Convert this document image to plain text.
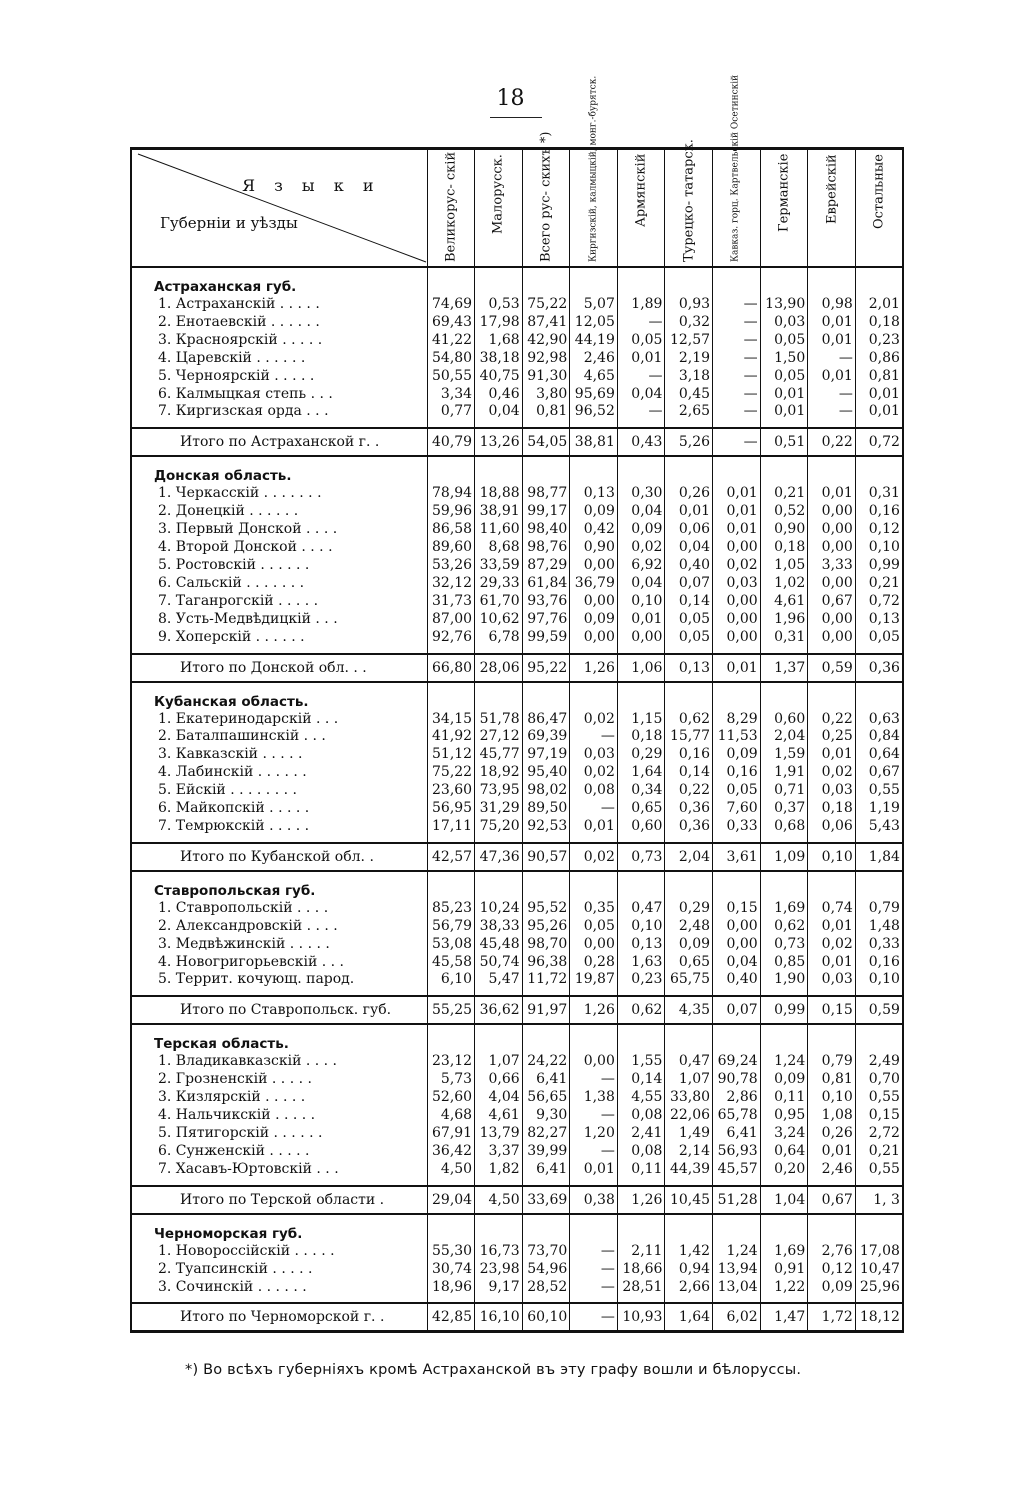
18
Я з ы к и
Губерніи и уѣзды	Великорус- скій	Малорусск.	Всего рус- скихъ *)	Киргизскій, калмыцкій, монг.-бурятск.	Армянскій	Турецко- татарск.	Кавказ. горц. Картвельскій Осетинскій	Германскіе	Еврейскій	Остальные

Астраханская губ.										
1. Астраханскій . . . . .	74,69	0,53	75,22	5,07	1,89	0,93	—	13,90	0,98	2,01
2. Енотаевскій . . . . . .	69,43	17,98	87,41	12,05	—	0,32	—	0,03	0,01	0,18
3. Красноярскій . . . . .	41,22	1,68	42,90	44,19	0,05	12,57	—	0,05	0,01	0,23
4. Царевскій . . . . . .	54,80	38,18	92,98	2,46	0,01	2,19	—	1,50	—	0,86
5. Черноярскій . . . . .	50,55	40,75	91,30	4,65	—	3,18	—	0,05	0,01	0,81
6. Калмыцкая степь . . .	3,34	0,46	3,80	95,69	0,04	0,45	—	0,01	—	0,01
7. Киргизская орда . . .	0,77	0,04	0,81	96,52	—	2,65	—	0,01	—	0,01

Итого по Астраханской г. .	40,79	13,26	54,05	38,81	0,43	5,26	—	0,51	0,22	0,72
Донская область.										
1. Черкасскій . . . . . . .	78,94	18,88	98,77	0,13	0,30	0,26	0,01	0,21	0,01	0,31
2. Донецкій . . . . . .	59,96	38,91	99,17	0,09	0,04	0,01	0,01	0,52	0,00	0,16
3. Первый Донской . . . .	86,58	11,60	98,40	0,42	0,09	0,06	0,01	0,90	0,00	0,12
4. Второй Донской . . . .	89,60	8,68	98,76	0,90	0,02	0,04	0,00	0,18	0,00	0,10
5. Ростовскій . . . . . .	53,26	33,59	87,29	0,00	6,92	0,40	0,02	1,05	3,33	0,99
6. Сальскій . . . . . . .	32,12	29,33	61,84	36,79	0,04	0,07	0,03	1,02	0,00	0,21
7. Таганрогскій . . . . .	31,73	61,70	93,76	0,00	0,10	0,14	0,00	4,61	0,67	0,72
8. Усть-Медвѣдицкій . . .	87,00	10,62	97,76	0,09	0,01	0,05	0,00	1,96	0,00	0,13
9. Хоперскій . . . . . .	92,76	6,78	99,59	0,00	0,00	0,05	0,00	0,31	0,00	0,05

Итого по Донской обл. . .	66,80	28,06	95,22	1,26	1,06	0,13	0,01	1,37	0,59	0,36
Кубанская область.										
1. Екатеринодарскій . . .	34,15	51,78	86,47	0,02	1,15	0,62	8,29	0,60	0,22	0,63
2. Баталпашинскій . . .	41,92	27,12	69,39	—	0,18	15,77	11,53	2,04	0,25	0,84
3. Кавказскій . . . . .	51,12	45,77	97,19	0,03	0,29	0,16	0,09	1,59	0,01	0,64
4. Лабинскій . . . . . .	75,22	18,92	95,40	0,02	1,64	0,14	0,16	1,91	0,02	0,67
5. Ейскій . . . . . . . .	23,60	73,95	98,02	0,08	0,34	0,22	0,05	0,71	0,03	0,55
6. Майкопскій . . . . .	56,95	31,29	89,50	—	0,65	0,36	7,60	0,37	0,18	1,19
7. Темрюкскій . . . . .	17,11	75,20	92,53	0,01	0,60	0,36	0,33	0,68	0,06	5,43

Итого по Кубанской обл. .	42,57	47,36	90,57	0,02	0,73	2,04	3,61	1,09	0,10	1,84
Ставропольская губ.										
1. Ставропольскій . . . .	85,23	10,24	95,52	0,35	0,47	0,29	0,15	1,69	0,74	0,79
2. Александровскій . . . .	56,79	38,33	95,26	0,05	0,10	2,48	0,00	0,62	0,01	1,48
3. Медвѣжинскій . . . . .	53,08	45,48	98,70	0,00	0,13	0,09	0,00	0,73	0,02	0,33
4. Новогригорьевскій . . .	45,58	50,74	96,38	0,28	1,63	0,65	0,04	0,85	0,01	0,16
5. Террит. кочующ. парод.	6,10	5,47	11,72	19,87	0,23	65,75	0,40	1,90	0,03	0,10

Итого по Ставропольск. губ.	55,25	36,62	91,97	1,26	0,62	4,35	0,07	0,99	0,15	0,59
Терская область.										
1. Владикавказскій . . . .	23,12	1,07	24,22	0,00	1,55	0,47	69,24	1,24	0,79	2,49
2. Грозненскій . . . . .	5,73	0,66	6,41	—	0,14	1,07	90,78	0,09	0,81	0,70
3. Кизлярскій . . . . .	52,60	4,04	56,65	1,38	4,55	33,80	2,86	0,11	0,10	0,55
4. Нальчикскій . . . . .	4,68	4,61	9,30	—	0,08	22,06	65,78	0,95	1,08	0,15
5. Пятигорскій . . . . . .	67,91	13,79	82,27	1,20	2,41	1,49	6,41	3,24	0,26	2,72
6. Сунженскій . . . . .	36,42	3,37	39,99	—	0,08	2,14	56,93	0,64	0,01	0,21
7. Хасавъ-Юртовскій . . .	4,50	1,82	6,41	0,01	0,11	44,39	45,57	0,20	2,46	0,55

Итого по Терской области .	29,04	4,50	33,69	0,38	1,26	10,45	51,28	1,04	0,67	1, 3
Черноморская губ.										
1. Новороссійскій . . . . .	55,30	16,73	73,70	—	2,11	1,42	1,24	1,69	2,76	17,08
2. Туапсинскій . . . . .	30,74	23,98	54,96	—	18,66	0,94	13,94	0,91	0,12	10,47
3. Сочинскій . . . . . .	18,96	9,17	28,52	—	28,51	2,66	13,04	1,22	0,09	25,96

Итого по Черноморской г. .	42,85	16,10	60,10	—	10,93	1,64	6,02	1,47	1,72	18,12
*) Во всѣхъ губерніяхъ кромѣ Астраханской въ эту графу вошли и бѣлоруссы.
